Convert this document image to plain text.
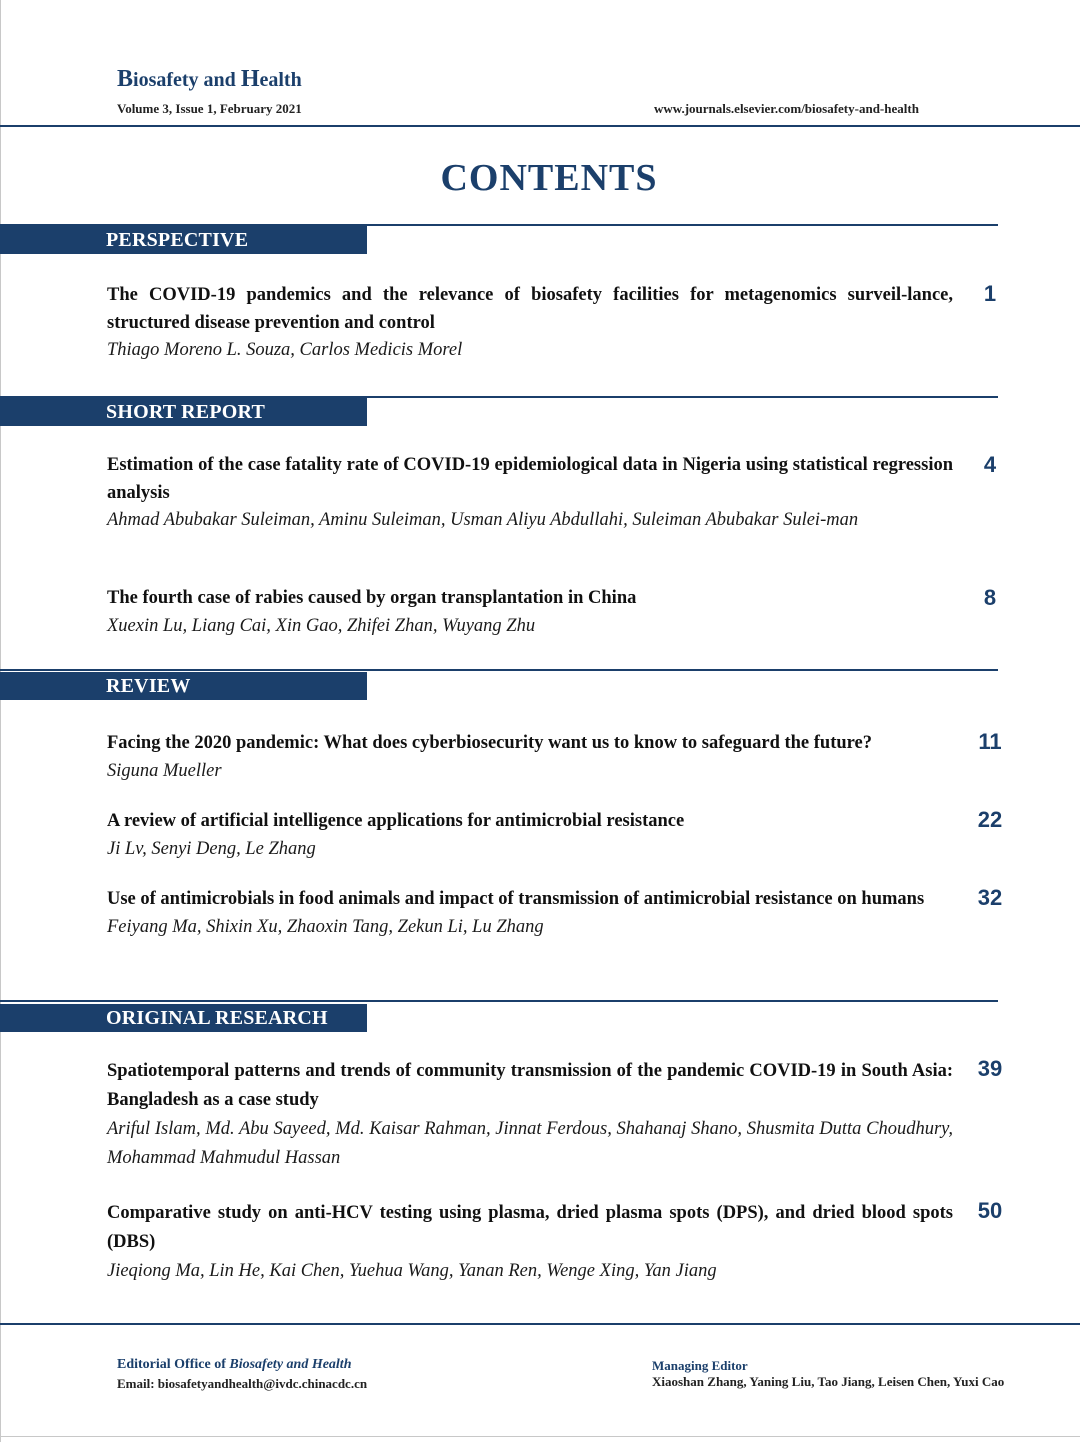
Biosafety and Health
Volume 3, Issue 1, February 2021	www.journals.elsevier.com/biosafety-and-health
CONTENTS
PERSPECTIVE
The COVID-19 pandemics and the relevance of biosafety facilities for metagenomics surveil-lance, structured disease prevention and control
Thiago Moreno L. Souza, Carlos Medicis Morel
1
SHORT REPORT
Estimation of the case fatality rate of COVID-19 epidemiological data in Nigeria using statistical regression analysis
Ahmad Abubakar Suleiman, Aminu Suleiman, Usman Aliyu Abdullahi, Suleiman Abubakar Sulei-man
4
The fourth case of rabies caused by organ transplantation in China
Xuexin Lu, Liang Cai, Xin Gao, Zhifei Zhan, Wuyang Zhu
8
REVIEW
Facing the 2020 pandemic: What does cyberbiosecurity want us to know to safeguard the future?
Siguna Mueller
11
A review of artificial intelligence applications for antimicrobial resistance
Ji Lv, Senyi Deng, Le Zhang
22
Use of antimicrobials in food animals and impact of transmission of antimicrobial resistance on humans
Feiyang Ma, Shixin Xu, Zhaoxin Tang, Zekun Li, Lu Zhang
32
ORIGINAL RESEARCH
Spatiotemporal patterns and trends of community transmission of the pandemic COVID-19 in South Asia: Bangladesh as a case study
Ariful Islam, Md. Abu Sayeed, Md. Kaisar Rahman, Jinnat Ferdous, Shahanaj Shano, Shusmita Dutta Choudhury, Mohammad Mahmudul Hassan
39
Comparative study on anti-HCV testing using plasma, dried plasma spots (DPS), and dried blood spots (DBS)
Jieqiong Ma, Lin He, Kai Chen, Yuehua Wang, Yanan Ren, Wenge Xing, Yan Jiang
50
Editorial Office of Biosafety and Health
Email: biosafetyandhealth@ivdc.chinacdc.cn
Managing Editor
Xiaoshan Zhang, Yaning Liu, Tao Jiang, Leisen Chen, Yuxi Cao
